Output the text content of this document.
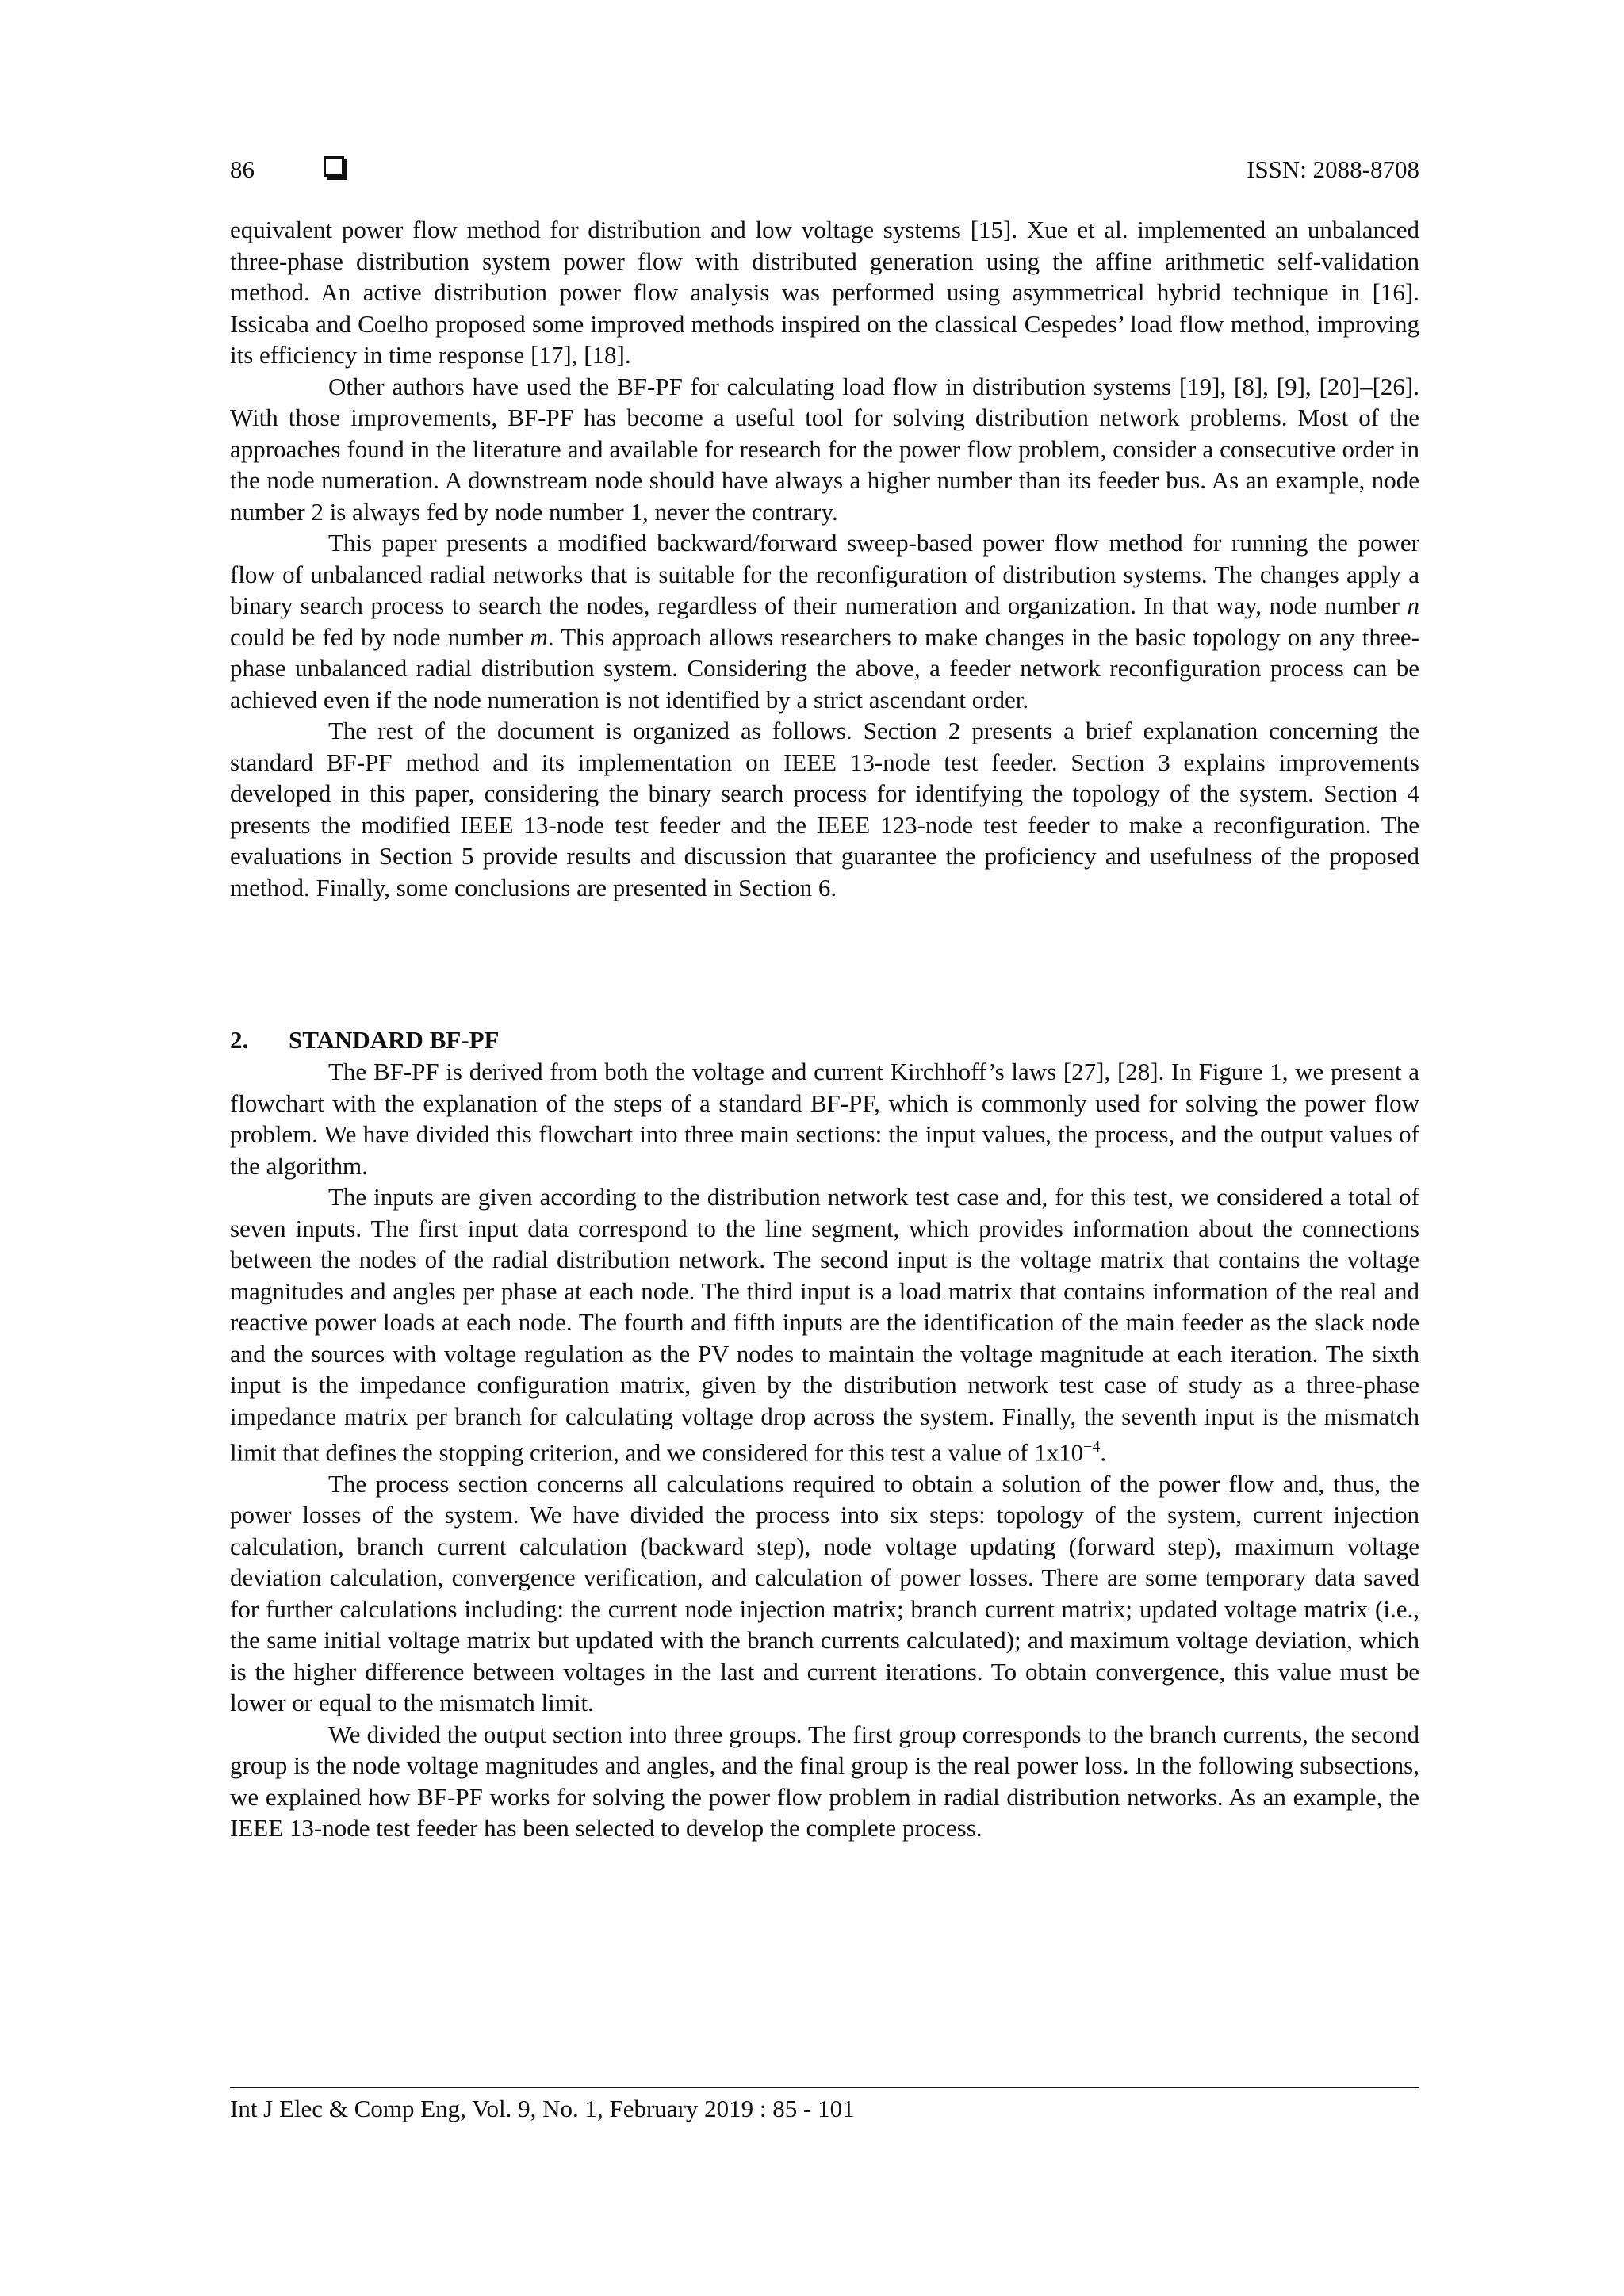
86	ISSN: 2088-8708

equivalent power flow method for distribution and low voltage systems [15]. Xue et al. implemented an unbalanced three-phase distribution system power flow with distributed generation using the affine arithmetic self-validation method. An active distribution power flow analysis was performed using asymmetrical hybrid technique in [16]. Issicaba and Coelho proposed some improved methods inspired on the classical Cespedes’ load flow method, improving its efficiency in time response [17], [18].

Other authors have used the BF-PF for calculating load flow in distribution systems [19], [8], [9], [20]–[26]. With those improvements, BF-PF has become a useful tool for solving distribution network problems. Most of the approaches found in the literature and available for research for the power flow problem, consider a consecutive order in the node numeration. A downstream node should have always a higher number than its feeder bus. As an example, node number 2 is always fed by node number 1, never the contrary.

This paper presents a modified backward/forward sweep-based power flow method for running the power flow of unbalanced radial networks that is suitable for the reconfiguration of distribution systems. The changes apply a binary search process to search the nodes, regardless of their numeration and organization. In that way, node number n could be fed by node number m. This approach allows researchers to make changes in the basic topology on any three-phase unbalanced radial distribution system. Considering the above, a feeder network reconfiguration process can be achieved even if the node numeration is not identified by a strict ascendant order.

The rest of the document is organized as follows. Section 2 presents a brief explanation concerning the standard BF-PF method and its implementation on IEEE 13-node test feeder. Section 3 explains improvements developed in this paper, considering the binary search process for identifying the topology of the system. Section 4 presents the modified IEEE 13-node test feeder and the IEEE 123-node test feeder to make a reconfiguration. The evaluations in Section 5 provide results and discussion that guarantee the proficiency and usefulness of the proposed method. Finally, some conclusions are presented in Section 6.

2. STANDARD BF-PF

The BF-PF is derived from both the voltage and current Kirchhoff’s laws [27], [28]. In Figure 1, we present a flowchart with the explanation of the steps of a standard BF-PF, which is commonly used for solving the power flow problem. We have divided this flowchart into three main sections: the input values, the process, and the output values of the algorithm.

The inputs are given according to the distribution network test case and, for this test, we considered a total of seven inputs. The first input data correspond to the line segment, which provides information about the connections between the nodes of the radial distribution network. The second input is the voltage matrix that contains the voltage magnitudes and angles per phase at each node. The third input is a load matrix that contains information of the real and reactive power loads at each node. The fourth and fifth inputs are the identification of the main feeder as the slack node and the sources with voltage regulation as the PV nodes to maintain the voltage magnitude at each iteration. The sixth input is the impedance configuration matrix, given by the distribution network test case of study as a three-phase impedance matrix per branch for calculating voltage drop across the system. Finally, the seventh input is the mismatch limit that defines the stopping criterion, and we considered for this test a value of $1x10^{-4}$.

The process section concerns all calculations required to obtain a solution of the power flow and, thus, the power losses of the system. We have divided the process into six steps: topology of the system, current injection calculation, branch current calculation (backward step), node voltage updating (forward step), maximum voltage deviation calculation, convergence verification, and calculation of power losses. There are some temporary data saved for further calculations including: the current node injection matrix; branch current matrix; updated voltage matrix (i.e., the same initial voltage matrix but updated with the branch currents calculated); and maximum voltage deviation, which is the higher difference between voltages in the last and current iterations. To obtain convergence, this value must be lower or equal to the mismatch limit.

We divided the output section into three groups. The first group corresponds to the branch currents, the second group is the node voltage magnitudes and angles, and the final group is the real power loss. In the following subsections, we explained how BF-PF works for solving the power flow problem in radial distribution networks. As an example, the IEEE 13-node test feeder has been selected to develop the complete process.

Int J Elec & Comp Eng, Vol. 9, No. 1, February 2019 : 85 - 101
